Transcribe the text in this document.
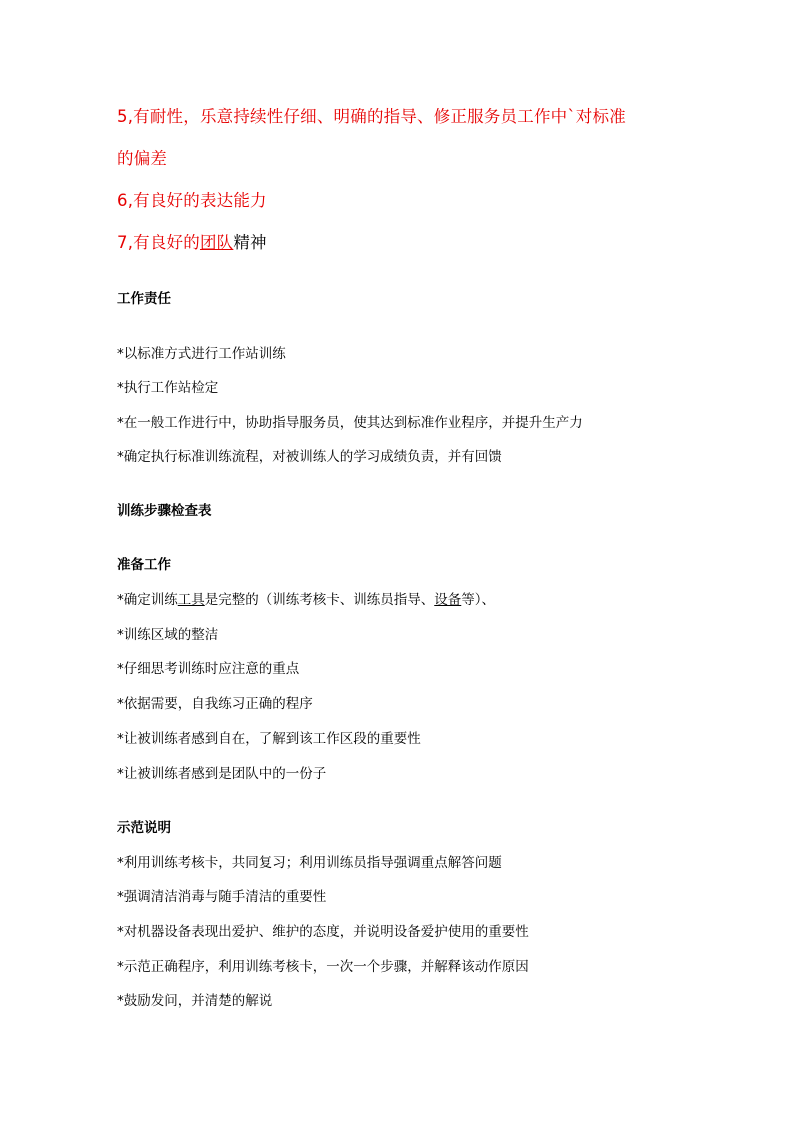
5,有耐性，乐意持续性仔细、明确的指导、修正服务员工作中`对标准
的偏差
6,有良好的表达能力
7,有良好的团队精神
工作责任
*以标准方式进行工作站训练
*执行工作站检定
*在一般工作进行中，协助指导服务员，使其达到标准作业程序，并提升生产力
*确定执行标准训练流程，对被训练人的学习成绩负责，并有回馈
训练步骤检查表
准备工作
*确定训练工具是完整的（训练考核卡、训练员指导、设备等）、
*训练区域的整洁
*仔细思考训练时应注意的重点
*依据需要，自我练习正确的程序
*让被训练者感到自在，了解到该工作区段的重要性
*让被训练者感到是团队中的一份子
示范说明
*利用训练考核卡，共同复习；利用训练员指导强调重点解答问题
*强调清洁消毒与随手清洁的重要性
*对机器设备表现出爱护、维护的态度，并说明设备爱护使用的重要性
*示范正确程序，利用训练考核卡，一次一个步骤，并解释该动作原因
*鼓励发问，并清楚的解说
